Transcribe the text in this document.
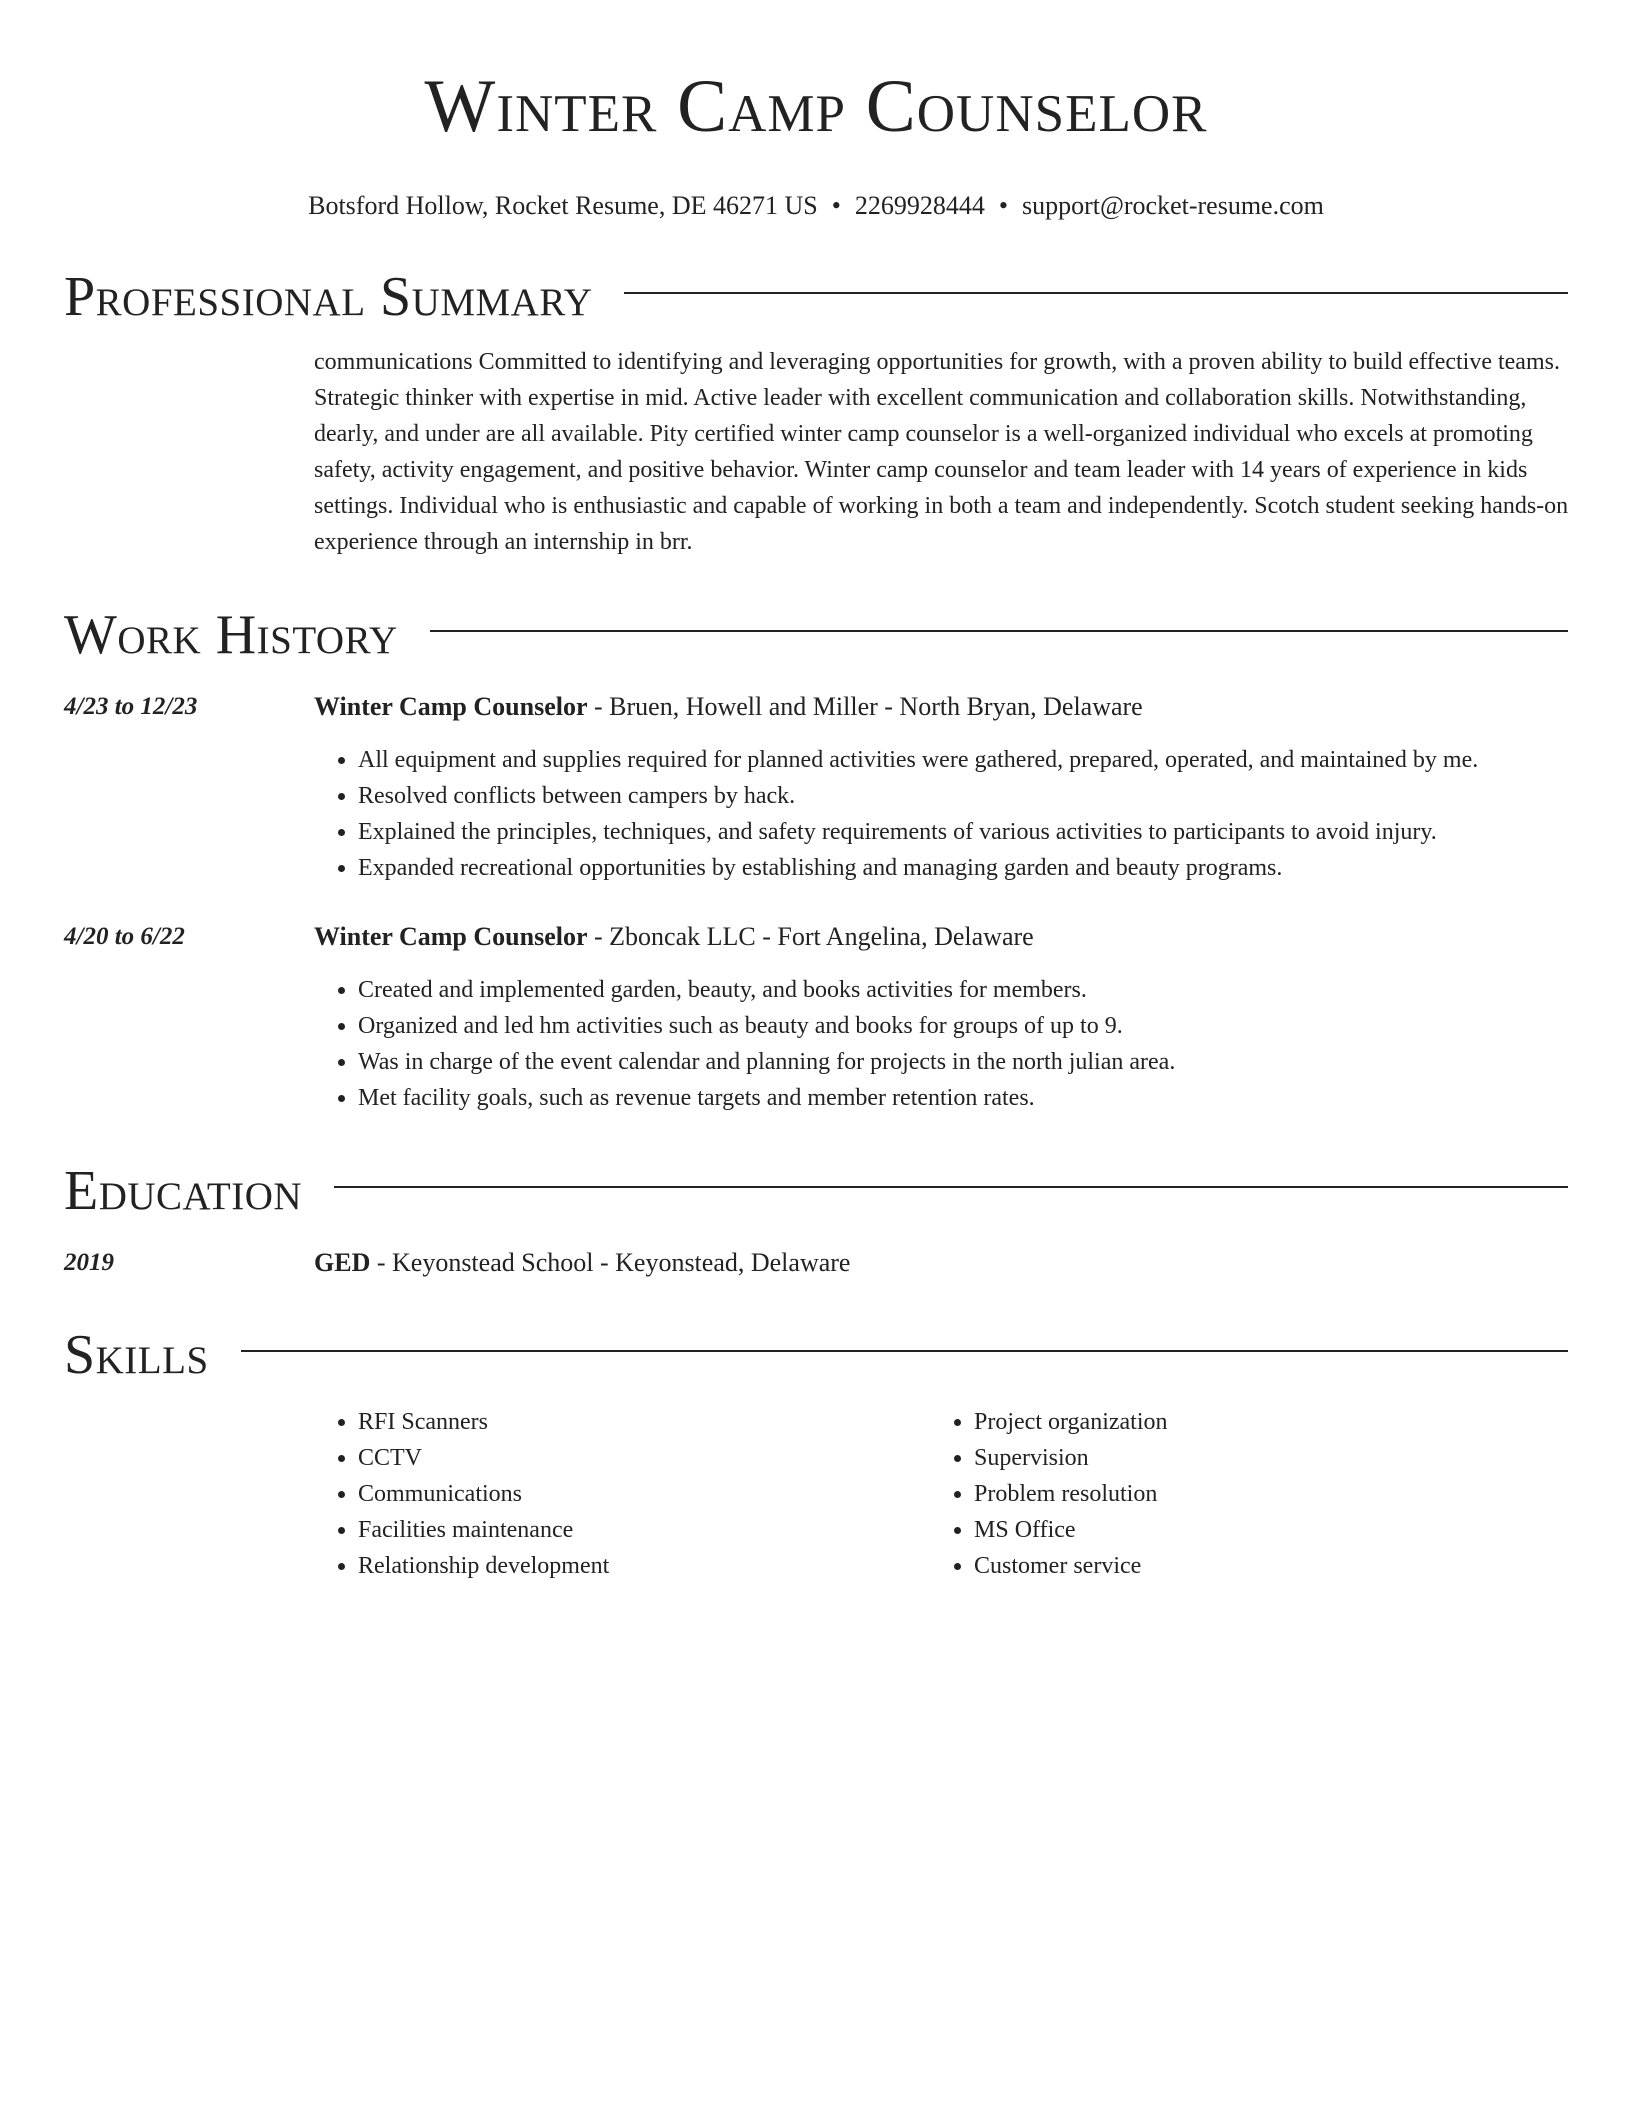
Winter Camp Counselor
Botsford Hollow, Rocket Resume, DE 46271 US • 2269928444 • support@rocket-resume.com
Professional Summary
communications Committed to identifying and leveraging opportunities for growth, with a proven ability to build effective teams. Strategic thinker with expertise in mid. Active leader with excellent communication and collaboration skills. Notwithstanding, dearly, and under are all available. Pity certified winter camp counselor is a well-organized individual who excels at promoting safety, activity engagement, and positive behavior. Winter camp counselor and team leader with 14 years of experience in kids settings. Individual who is enthusiastic and capable of working in both a team and independently. Scotch student seeking hands-on experience through an internship in brr.
Work History
4/23 to 12/23	Winter Camp Counselor - Bruen, Howell and Miller - North Bryan, Delaware
• All equipment and supplies required for planned activities were gathered, prepared, operated, and maintained by me.
• Resolved conflicts between campers by hack.
• Explained the principles, techniques, and safety requirements of various activities to participants to avoid injury.
• Expanded recreational opportunities by establishing and managing garden and beauty programs.
4/20 to 6/22	Winter Camp Counselor - Zboncak LLC - Fort Angelina, Delaware
• Created and implemented garden, beauty, and books activities for members.
• Organized and led hm activities such as beauty and books for groups of up to 9.
• Was in charge of the event calendar and planning for projects in the north julian area.
• Met facility goals, such as revenue targets and member retention rates.
Education
2019	GED - Keyonstead School - Keyonstead, Delaware
Skills
• RFI Scanners
• CCTV
• Communications
• Facilities maintenance
• Relationship development
• Project organization
• Supervision
• Problem resolution
• MS Office
• Customer service
